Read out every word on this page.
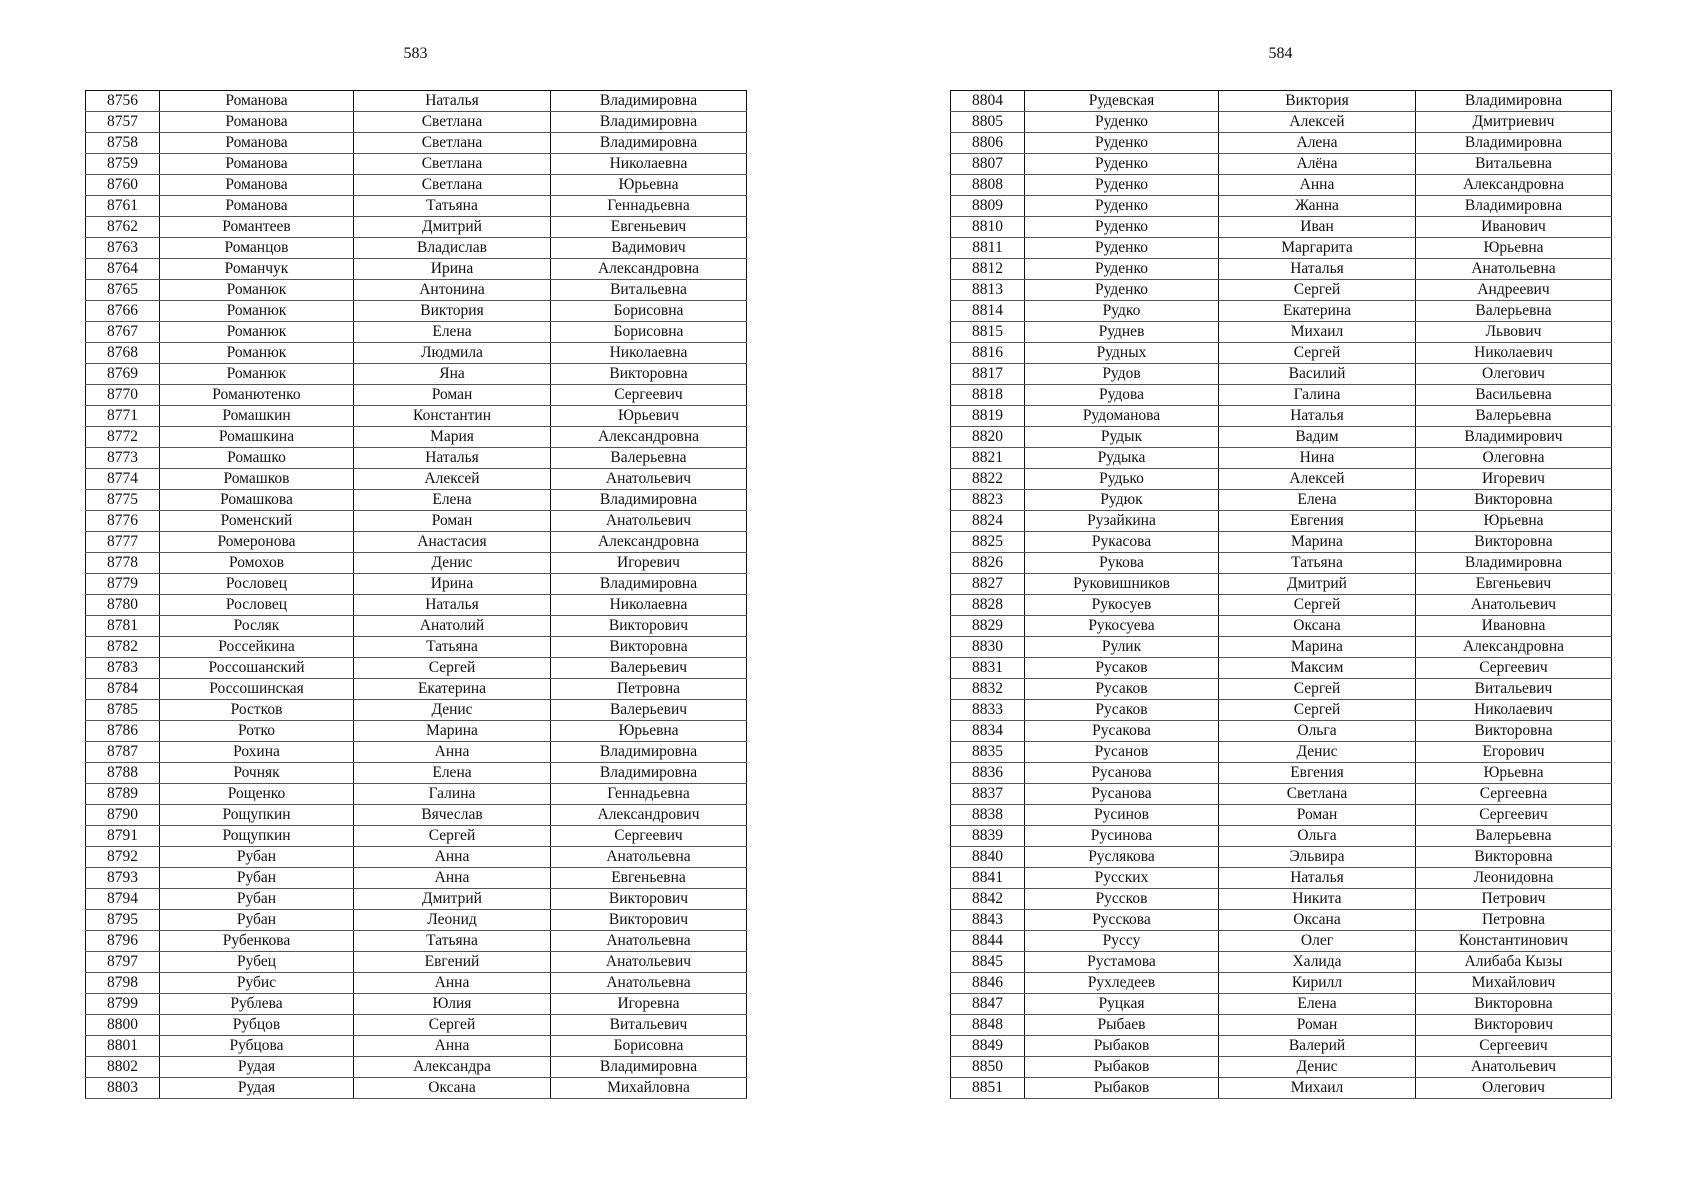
583
8756	Романова	Наталья	Владимировна
8757	Романова	Светлана	Владимировна
8758	Романова	Светлана	Владимировна
8759	Романова	Светлана	Николаевна
8760	Романова	Светлана	Юрьевна
8761	Романова	Татьяна	Геннадьевна
8762	Романтеев	Дмитрий	Евгеньевич
8763	Романцов	Владислав	Вадимович
8764	Романчук	Ирина	Александровна
8765	Романюк	Антонина	Витальевна
8766	Романюк	Виктория	Борисовна
8767	Романюк	Елена	Борисовна
8768	Романюк	Людмила	Николаевна
8769	Романюк	Яна	Викторовна
8770	Романютенко	Роман	Сергеевич
8771	Ромашкин	Константин	Юрьевич
8772	Ромашкина	Мария	Александровна
8773	Ромашко	Наталья	Валерьевна
8774	Ромашков	Алексей	Анатольевич
8775	Ромашкова	Елена	Владимировна
8776	Роменский	Роман	Анатольевич
8777	Ромеронова	Анастасия	Александровна
8778	Ромохов	Денис	Игоревич
8779	Рословец	Ирина	Владимировна
8780	Рословец	Наталья	Николаевна
8781	Росляк	Анатолий	Викторович
8782	Россейкина	Татьяна	Викторовна
8783	Россошанский	Сергей	Валерьевич
8784	Россошинская	Екатерина	Петровна
8785	Ростков	Денис	Валерьевич
8786	Ротко	Марина	Юрьевна
8787	Рохина	Анна	Владимировна
8788	Рочняк	Елена	Владимировна
8789	Рощенко	Галина	Геннадьевна
8790	Рощупкин	Вячеслав	Александрович
8791	Рощупкин	Сергей	Сергеевич
8792	Рубан	Анна	Анатольевна
8793	Рубан	Анна	Евгеньевна
8794	Рубан	Дмитрий	Викторович
8795	Рубан	Леонид	Викторович
8796	Рубенкова	Татьяна	Анатольевна
8797	Рубец	Евгений	Анатольевич
8798	Рубис	Анна	Анатольевна
8799	Рублева	Юлия	Игоревна
8800	Рубцов	Сергей	Витальевич
8801	Рубцова	Анна	Борисовна
8802	Рудая	Александра	Владимировна
8803	Рудая	Оксана	Михайловна
584
8804	Рудевская	Виктория	Владимировна
8805	Руденко	Алексей	Дмитриевич
8806	Руденко	Алена	Владимировна
8807	Руденко	Алёна	Витальевна
8808	Руденко	Анна	Александровна
8809	Руденко	Жанна	Владимировна
8810	Руденко	Иван	Иванович
8811	Руденко	Маргарита	Юрьевна
8812	Руденко	Наталья	Анатольевна
8813	Руденко	Сергей	Андреевич
8814	Рудко	Екатерина	Валерьевна
8815	Руднев	Михаил	Львович
8816	Рудных	Сергей	Николаевич
8817	Рудов	Василий	Олегович
8818	Рудова	Галина	Васильевна
8819	Рудоманова	Наталья	Валерьевна
8820	Рудык	Вадим	Владимирович
8821	Рудыка	Нина	Олеговна
8822	Рудько	Алексей	Игоревич
8823	Рудюк	Елена	Викторовна
8824	Рузайкина	Евгения	Юрьевна
8825	Рукасова	Марина	Викторовна
8826	Рукова	Татьяна	Владимировна
8827	Руковишников	Дмитрий	Евгеньевич
8828	Рукосуев	Сергей	Анатольевич
8829	Рукосуева	Оксана	Ивановна
8830	Рулик	Марина	Александровна
8831	Русаков	Максим	Сергеевич
8832	Русаков	Сергей	Витальевич
8833	Русаков	Сергей	Николаевич
8834	Русакова	Ольга	Викторовна
8835	Русанов	Денис	Егорович
8836	Русанова	Евгения	Юрьевна
8837	Русанова	Светлана	Сергеевна
8838	Русинов	Роман	Сергеевич
8839	Русинова	Ольга	Валерьевна
8840	Руслякова	Эльвира	Викторовна
8841	Русских	Наталья	Леонидовна
8842	Руссков	Никита	Петрович
8843	Русскова	Оксана	Петровна
8844	Руссу	Олег	Константинович
8845	Рустамова	Халида	Алибаба Кызы
8846	Рухледеев	Кирилл	Михайлович
8847	Руцкая	Елена	Викторовна
8848	Рыбаев	Роман	Викторович
8849	Рыбаков	Валерий	Сергеевич
8850	Рыбаков	Денис	Анатольевич
8851	Рыбаков	Михаил	Олегович
